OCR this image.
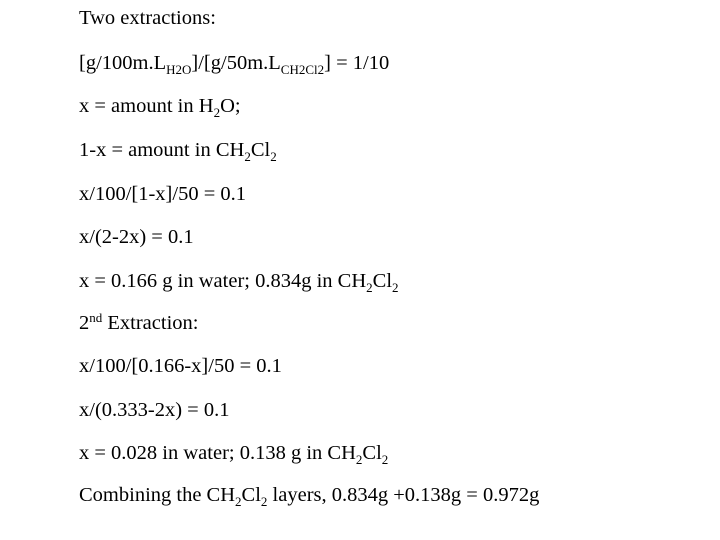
Two extractions:
$[g/100m.L_{H2O}]/[g/50m.L_{CH2Cl2}] = 1/10$
x = amount in $H_2O$;
1-x = amount in $CH_2Cl_2$
x/100/[1-x]/50 = 0.1
x/(2-2x) = 0.1
x = 0.166 g in water; 0.834g in $CH_2Cl_2$
2nd Extraction:
x/100/[0.166-x]/50 = 0.1
x/(0.333-2x) = 0.1
x = 0.028 in water; 0.138 g in $CH_2Cl_2$
Combining the $CH_2Cl_2$ layers, 0.834g +0.138g = 0.972g
